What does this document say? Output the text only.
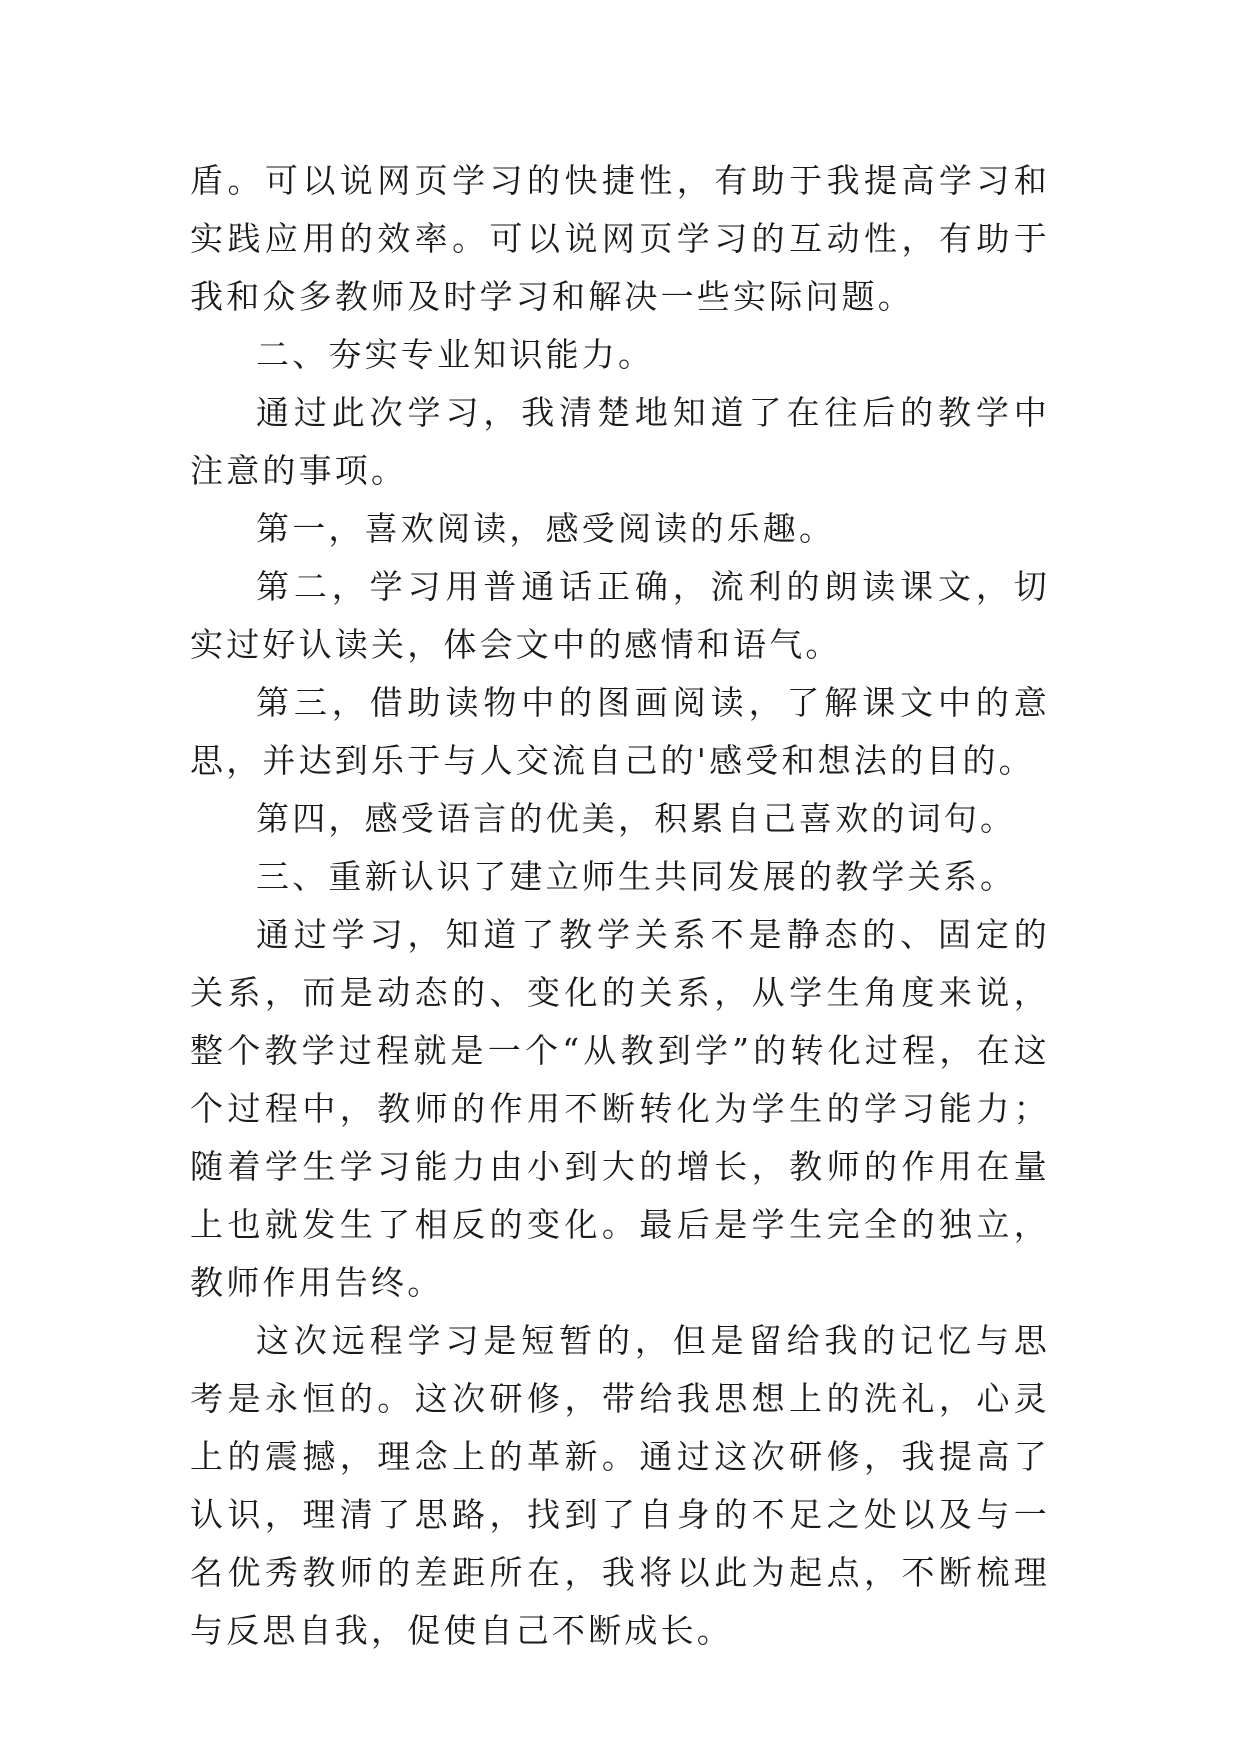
盾。可以说网页学习的快捷性，有助于我提高学习和实践应用的效率。可以说网页学习的互动性，有助于我和众多教师及时学习和解决一些实际问题。

二、夯实专业知识能力。

通过此次学习，我清楚地知道了在往后的教学中注意的事项。

第一，喜欢阅读，感受阅读的乐趣。

第二，学习用普通话正确，流利的朗读课文，切实过好认读关，体会文中的感情和语气。

第三，借助读物中的图画阅读，了解课文中的意思，并达到乐于与人交流自己的'感受和想法的目的。

第四，感受语言的优美，积累自己喜欢的词句。

三、重新认识了建立师生共同发展的教学关系。

通过学习，知道了教学关系不是静态的、固定的关系，而是动态的、变化的关系，从学生角度来说，整个教学过程就是一个“从教到学”的转化过程，在这个过程中，教师的作用不断转化为学生的学习能力；随着学生学习能力由小到大的增长，教师的作用在量上也就发生了相反的变化。最后是学生完全的独立，教师作用告终。

这次远程学习是短暂的，但是留给我的记忆与思考是永恒的。这次研修，带给我思想上的洗礼，心灵上的震撼，理念上的革新。通过这次研修，我提高了认识，理清了思路，找到了自身的不足之处以及与一名优秀教师的差距所在，我将以此为起点，不断梳理与反思自我，促使自己不断成长。
